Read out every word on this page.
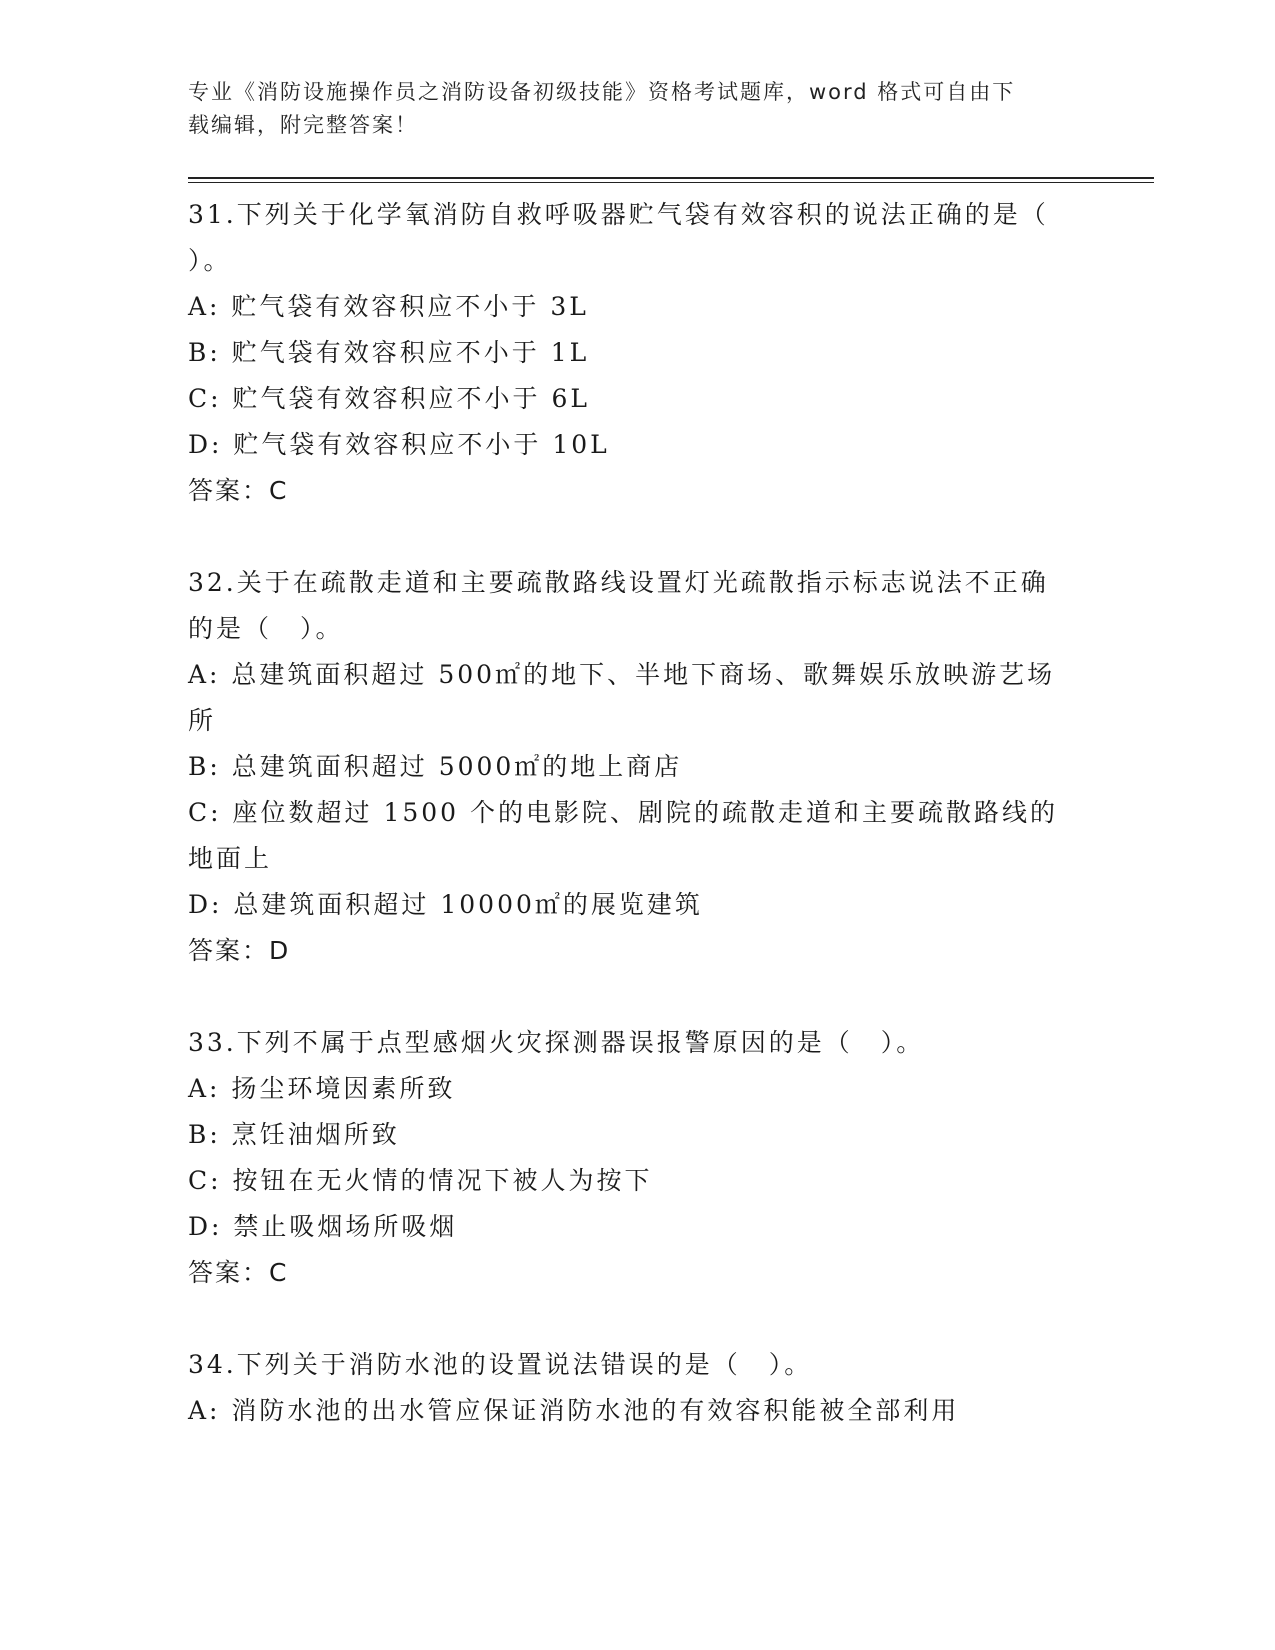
专业《消防设施操作员之消防设备初级技能》资格考试题库，word 格式可自由下
载编辑，附完整答案！

31.下列关于化学氧消防自救呼吸器贮气袋有效容积的说法正确的是（

）。

A: 贮气袋有效容积应不小于 3L

B: 贮气袋有效容积应不小于 1L

C: 贮气袋有效容积应不小于 6L

D: 贮气袋有效容积应不小于 10L

答案：C

32.关于在疏散走道和主要疏散路线设置灯光疏散指示标志说法不正确

的是（　）。

A: 总建筑面积超过 500㎡的地下、半地下商场、歌舞娱乐放映游艺场

所

B: 总建筑面积超过 5000㎡的地上商店

C: 座位数超过 1500 个的电影院、剧院的疏散走道和主要疏散路线的

地面上

D: 总建筑面积超过 10000㎡的展览建筑

答案：D

33.下列不属于点型感烟火灾探测器误报警原因的是（　）。

A: 扬尘环境因素所致

B: 烹饪油烟所致

C: 按钮在无火情的情况下被人为按下

D: 禁止吸烟场所吸烟

答案：C

34.下列关于消防水池的设置说法错误的是（　）。

A: 消防水池的出水管应保证消防水池的有效容积能被全部利用
